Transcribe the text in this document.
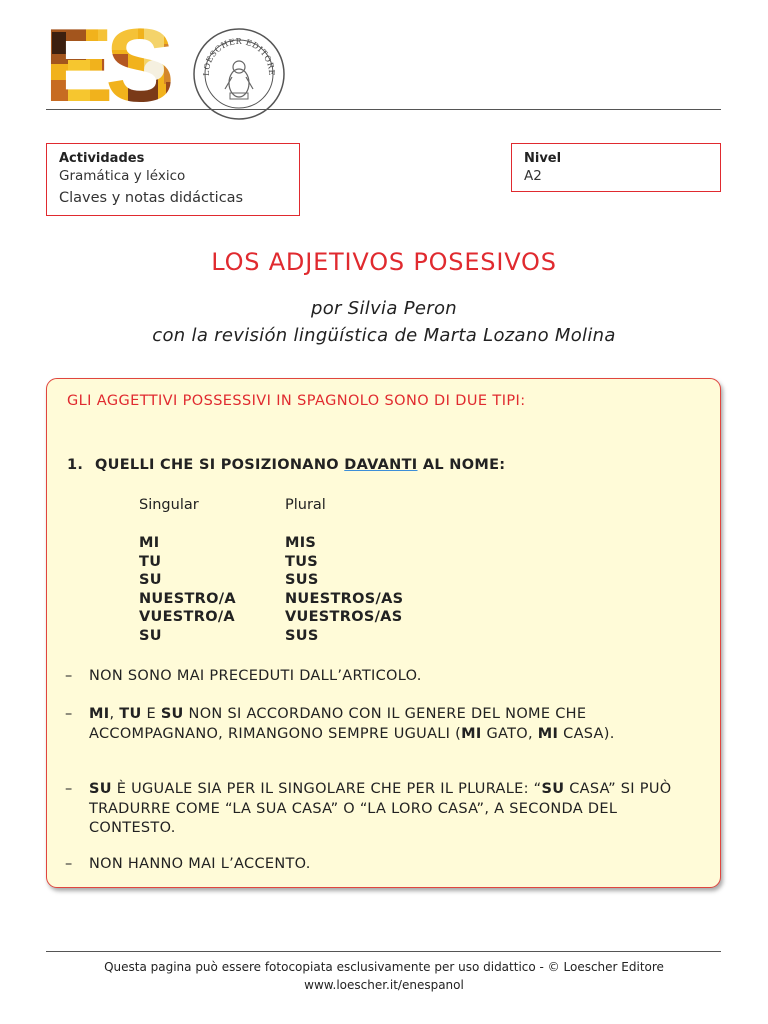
LOESCHER EDITORE
Actividades
Gramática y léxico
Claves y notas didácticas
Nivel
A2
LOS ADJETIVOS POSESIVOS
por Silvia Peron
con la revisión lingüística de Marta Lozano Molina
GLI AGGETTIVI POSSESSIVI IN SPAGNOLO SONO DI DUE TIPI:
1. QUELLI CHE SI POSIZIONANO DAVANTI AL NOME:
Singular	Plural
MI	MIS
TU	TUS
SU	SUS
NUESTRO/A	NUESTROS/AS
VUESTRO/A	VUESTROS/AS
SU	SUS
– NON SONO MAI PRECEDUTI DALL’ARTICOLO.
– MI, TU E SU NON SI ACCORDANO CON IL GENERE DEL NOME CHE ACCOMPAGNANO, RIMANGONO SEMPRE UGUALI (MI GATO, MI CASA).
– SU È UGUALE SIA PER IL SINGOLARE CHE PER IL PLURALE: “SU CASA” SI PUÒ TRADURRE COME “LA SUA CASA” O “LA LORO CASA”, A SECONDA DEL CONTESTO.
– NON HANNO MAI L’ACCENTO.
Questa pagina può essere fotocopiata esclusivamente per uso didattico - © Loescher Editore
www.loescher.it/enespanol
